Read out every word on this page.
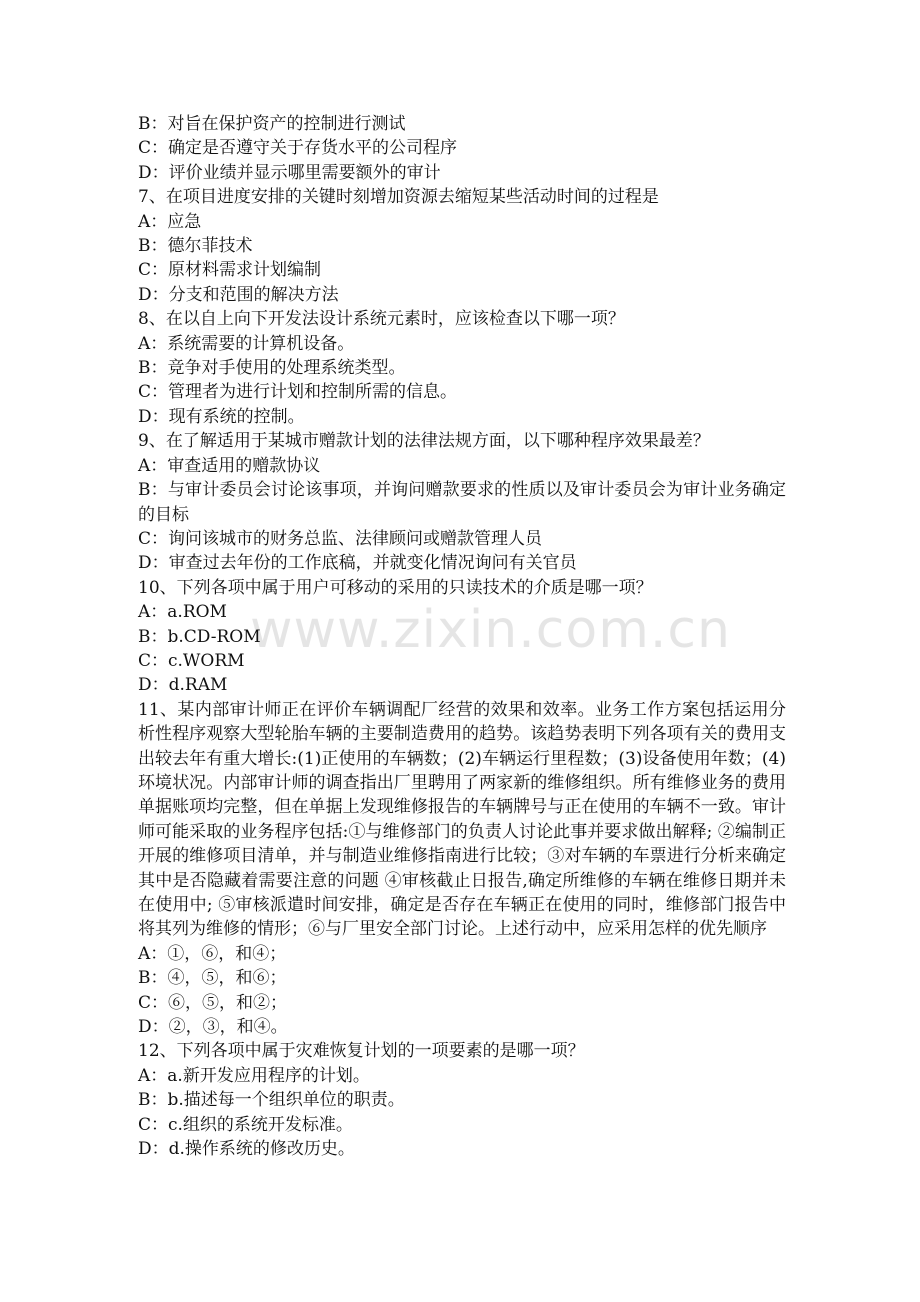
www.zixin.com.cn
B：对旨在保护资产的控制进行测试
C：确定是否遵守关于存货水平的公司程序
D：评价业绩并显示哪里需要额外的审计
7、在项目进度安排的关键时刻增加资源去缩短某些活动时间的过程是
A：应急
B：德尔菲技术
C：原材料需求计划编制
D：分支和范围的解决方法
8、在以自上向下开发法设计系统元素时，应该检查以下哪一项？
A：系统需要的计算机设备。
B：竞争对手使用的处理系统类型。
C：管理者为进行计划和控制所需的信息。
D：现有系统的控制。
9、在了解适用于某城市赠款计划的法律法规方面，以下哪种程序效果最差？
A：审查适用的赠款协议
B：与审计委员会讨论该事项，并询问赠款要求的性质以及审计委员会为审计业务确定的目标
C：询问该城市的财务总监、法律顾问或赠款管理人员
D：审查过去年份的工作底稿，并就变化情况询问有关官员
10、下列各项中属于用户可移动的采用的只读技术的介质是哪一项？
A：a.ROM
B：b.CD-ROM
C：c.WORM
D：d.RAM
11、某内部审计师正在评价车辆调配厂经营的效果和效率。业务工作方案包括运用分析性程序观察大型轮胎车辆的主要制造费用的趋势。该趋势表明下列各项有关的费用支出较去年有重大增长:(1)正使用的车辆数；(2)车辆运行里程数；(3)设备使用年数；(4)环境状况。内部审计师的调查指出厂里聘用了两家新的维修组织。所有维修业务的费用单据账项均完整，但在单据上发现维修报告的车辆牌号与正在使用的车辆不一致。审计师可能采取的业务程序包括:①与维修部门的负责人讨论此事并要求做出解释; ②编制正开展的维修项目清单，并与制造业维修指南进行比较；③对车辆的车票进行分析来确定其中是否隐藏着需要注意的问题 ④审核截止日报告,确定所维修的车辆在维修日期并未在使用中; ⑤审核派遣时间安排，确定是否存在车辆正在使用的同时，维修部门报告中将其列为维修的情形；⑥与厂里安全部门讨论。上述行动中，应采用怎样的优先顺序
A：①，⑥，和④；
B：④，⑤，和⑥；
C：⑥，⑤，和②；
D：②，③，和④。
12、下列各项中属于灾难恢复计划的一项要素的是哪一项？
A：a.新开发应用程序的计划。
B：b.描述每一个组织单位的职责。
C：c.组织的系统开发标准。
D：d.操作系统的修改历史。
